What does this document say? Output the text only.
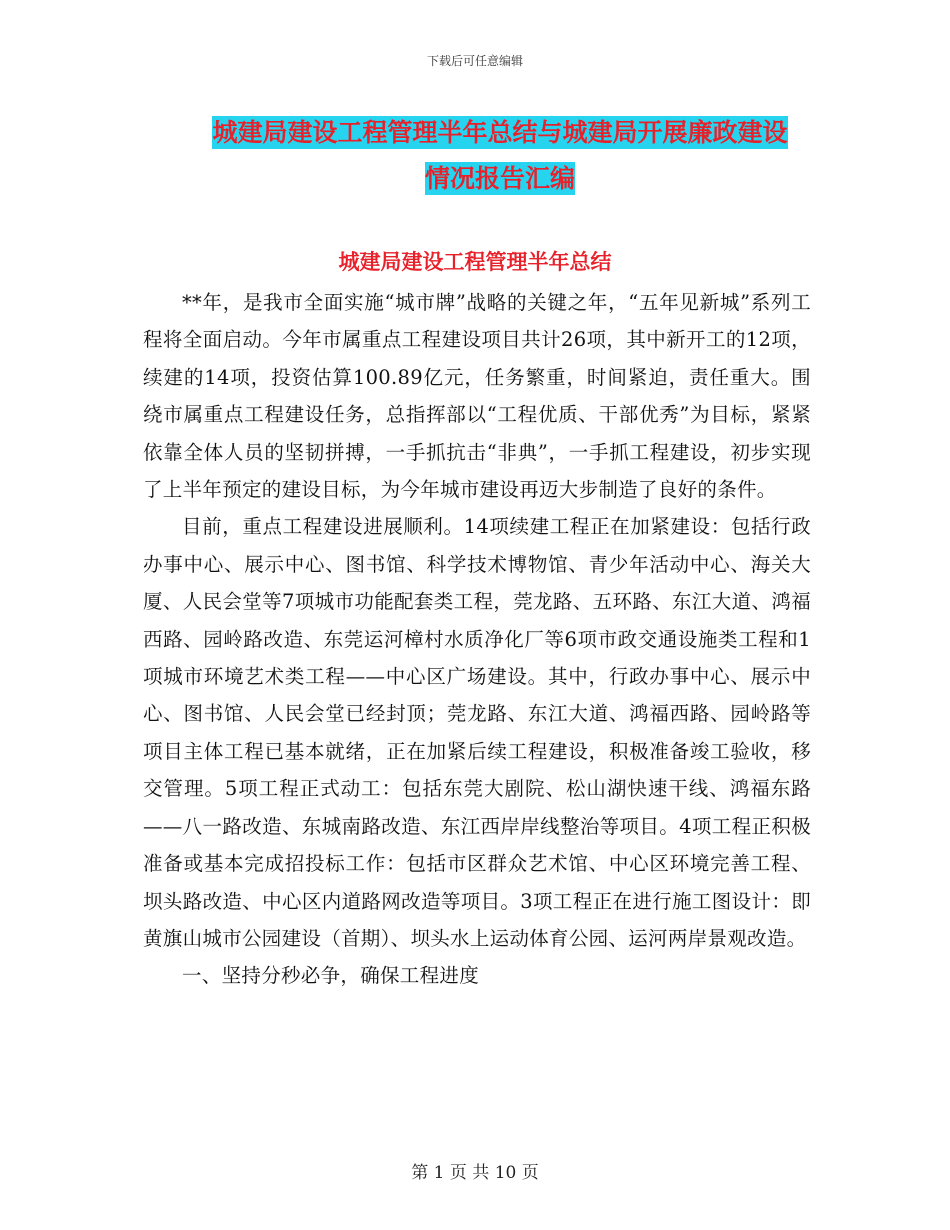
下载后可任意编辑
城建局建设工程管理半年总结与城建局开展廉政建设
情况报告汇编
城建局建设工程管理半年总结

**年，是我市全面实施“城市牌”战略的关键之年，“五年见新城”系列工程将全面启动。今年市属重点工程建设项目共计26项，其中新开工的12项，续建的14项，投资估算100.89亿元，任务繁重，时间紧迫，责任重大。围绕市属重点工程建设任务，总指挥部以“工程优质、干部优秀”为目标，紧紧依靠全体人员的坚韧拼搏，一手抓抗击“非典”，一手抓工程建设，初步实现了上半年预定的建设目标，为今年城市建设再迈大步制造了良好的条件。

目前，重点工程建设进展顺利。14项续建工程正在加紧建设：包括行政办事中心、展示中心、图书馆、科学技术博物馆、青少年活动中心、海关大厦、人民会堂等7项城市功能配套类工程，莞龙路、五环路、东江大道、鸿福西路、园岭路改造、东莞运河樟村水质净化厂等6项市政交通设施类工程和1项城市环境艺术类工程——中心区广场建设。其中，行政办事中心、展示中心、图书馆、人民会堂已经封顶；莞龙路、东江大道、鸿福西路、园岭路等项目主体工程已基本就绪，正在加紧后续工程建设，积极准备竣工验收，移交管理。5项工程正式动工：包括东莞大剧院、松山湖快速干线、鸿福东路——八一路改造、东城南路改造、东江西岸岸线整治等项目。4项工程正积极准备或基本完成招投标工作：包括市区群众艺术馆、中心区环境完善工程、坝头路改造、中心区内道路网改造等项目。3项工程正在进行施工图设计：即黄旗山城市公园建设（首期）、坝头水上运动体育公园、运河两岸景观改造。

一、坚持分秒必争，确保工程进度

第 1 页 共 10 页
